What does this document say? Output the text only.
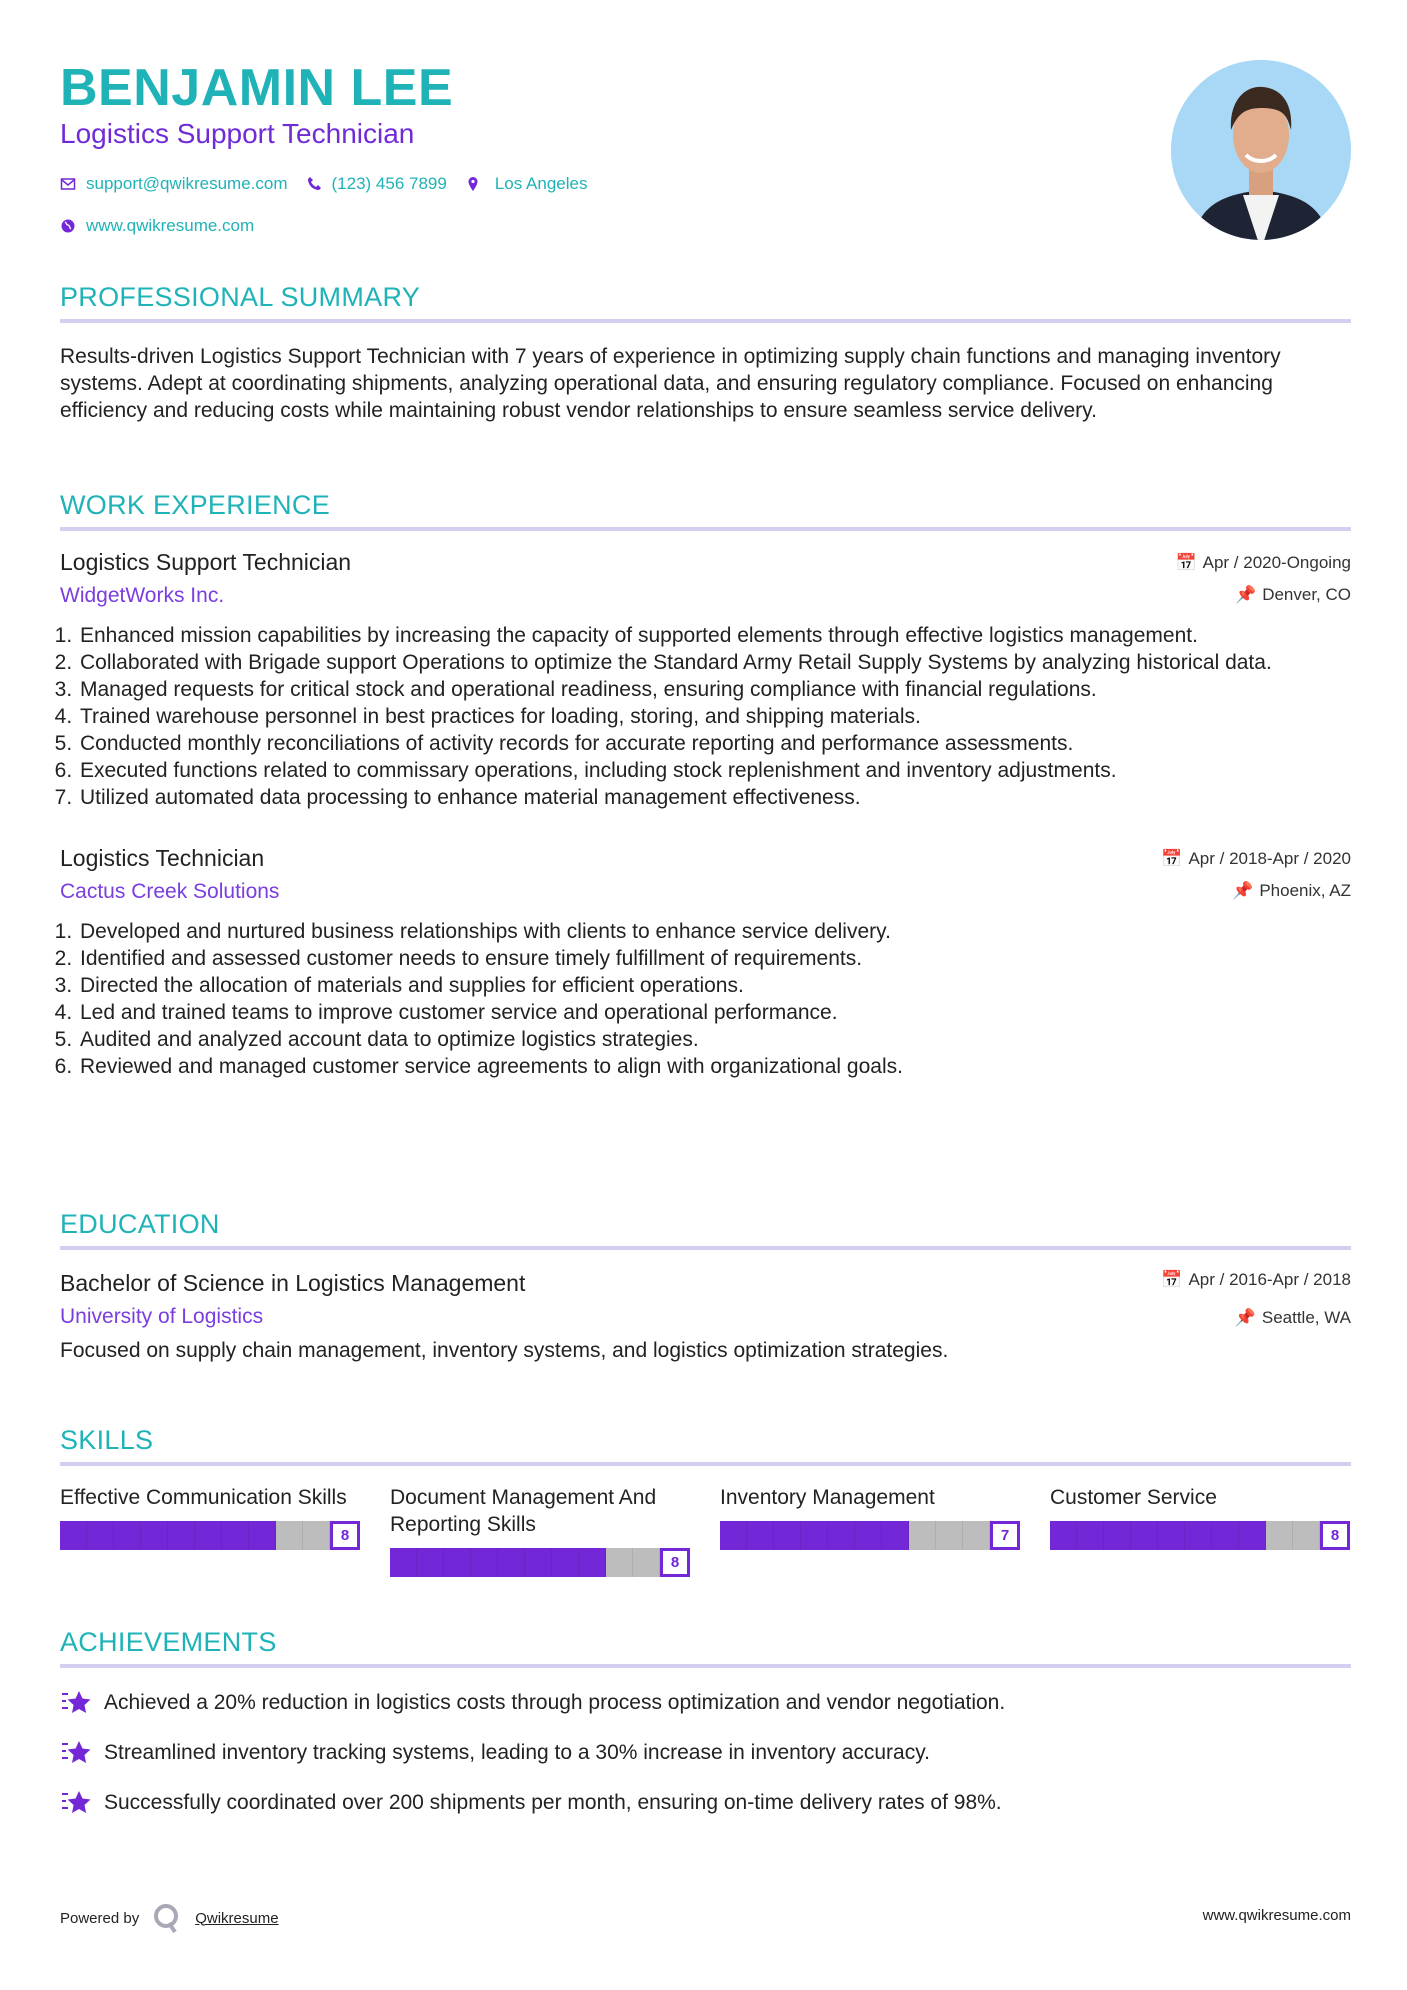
BENJAMIN LEE
Logistics Support Technician
support@qwikresume.com	(123) 456 7899	Los Angeles
www.qwikresume.com
PROFESSIONAL SUMMARY

Results-driven Logistics Support Technician with 7 years of experience in optimizing supply chain functions and managing inventory systems. Adept at coordinating shipments, analyzing operational data, and ensuring regulatory compliance. Focused on enhancing efficiency and reducing costs while maintaining robust vendor relationships to ensure seamless service delivery.

WORK EXPERIENCE
📅 Apr / 2020-Ongoing
📌 Denver, CO
Logistics Support Technician
WidgetWorks Inc.
1. Enhanced mission capabilities by increasing the capacity of supported elements through effective logistics management.
2. Collaborated with Brigade support Operations to optimize the Standard Army Retail Supply Systems by analyzing historical data.
3. Managed requests for critical stock and operational readiness, ensuring compliance with financial regulations.
4. Trained warehouse personnel in best practices for loading, storing, and shipping materials.
5. Conducted monthly reconciliations of activity records for accurate reporting and performance assessments.
6. Executed functions related to commissary operations, including stock replenishment and inventory adjustments.
7. Utilized automated data processing to enhance material management effectiveness.
📅 Apr / 2018-Apr / 2020
📌 Phoenix, AZ
Logistics Technician
Cactus Creek Solutions
1. Developed and nurtured business relationships with clients to enhance service delivery.
2. Identified and assessed customer needs to ensure timely fulfillment of requirements.
3. Directed the allocation of materials and supplies for efficient operations.
4. Led and trained teams to improve customer service and operational performance.
5. Audited and analyzed account data to optimize logistics strategies.
6. Reviewed and managed customer service agreements to align with organizational goals.
EDUCATION
📅 Apr / 2016-Apr / 2018
📌 Seattle, WA
Bachelor of Science in Logistics Management
University of Logistics

Focused on supply chain management, inventory systems, and logistics optimization strategies.

SKILLS
Effective Communication Skills
8
Document Management And Reporting Skills
8
Inventory Management
7
Customer Service
8
ACHIEVEMENTS
Achieved a 20% reduction in logistics costs through process optimization and vendor negotiation.
Streamlined inventory tracking systems, leading to a 30% increase in inventory accuracy.
Successfully coordinated over 200 shipments per month, ensuring on-time delivery rates of 98%.
Powered by	Qwikresume	www.qwikresume.com
